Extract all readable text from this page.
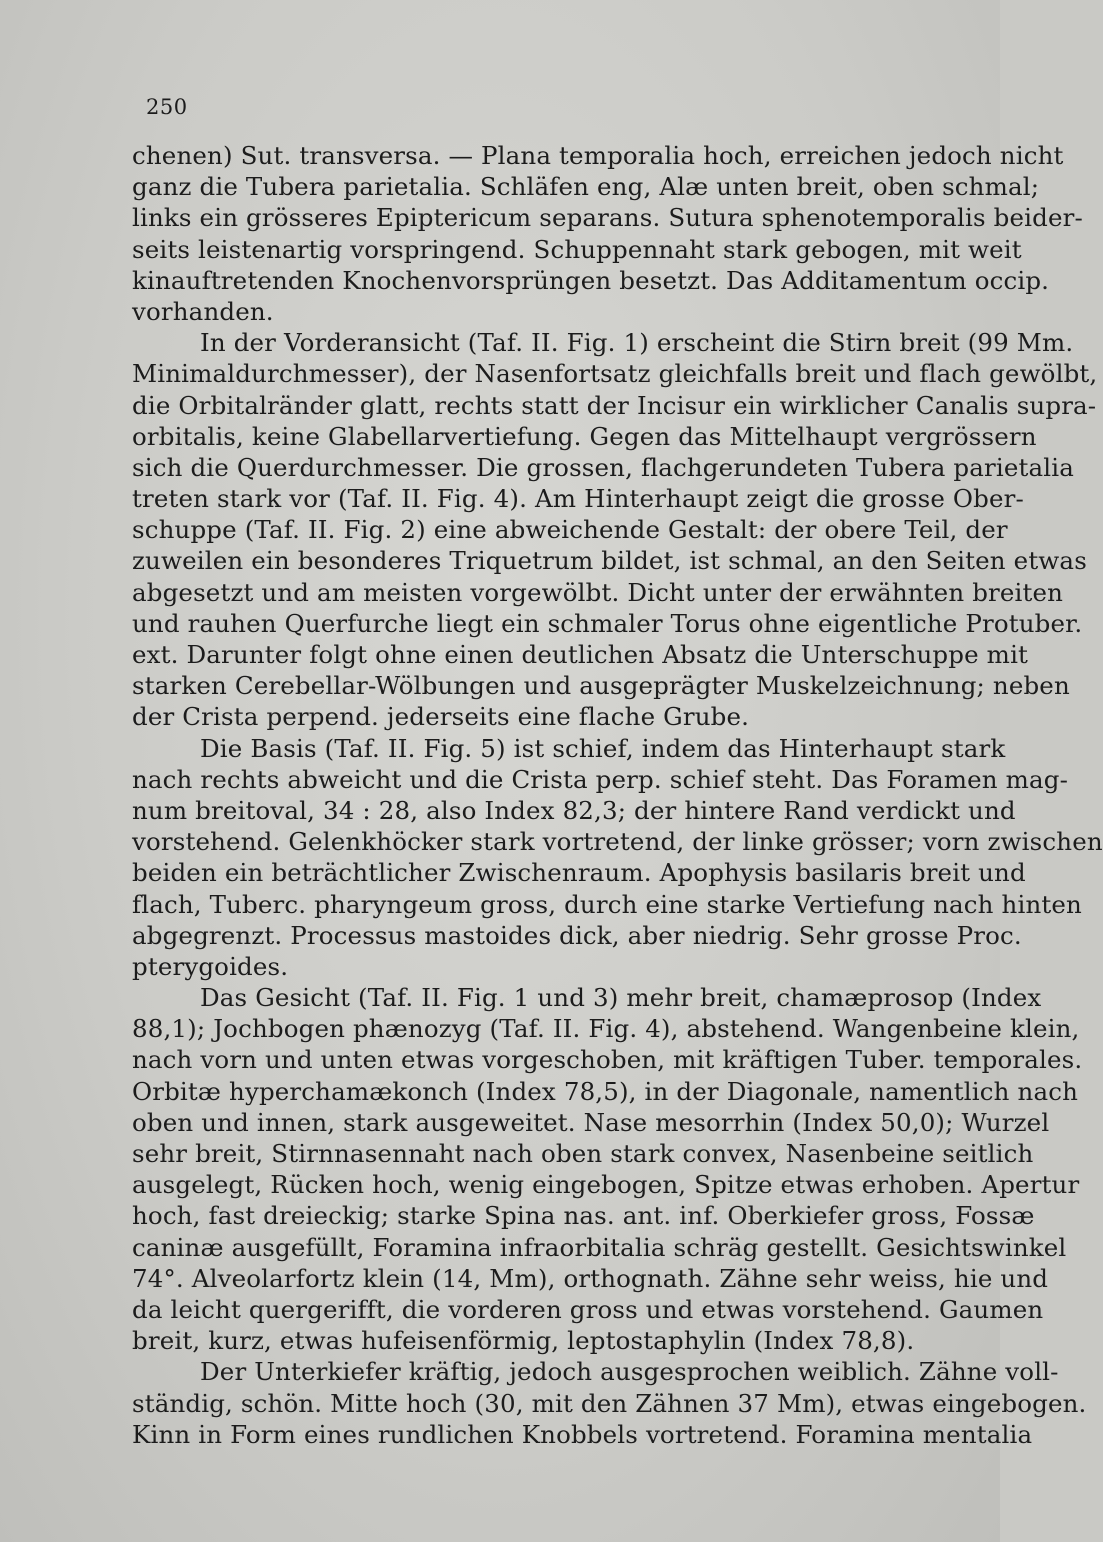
250
chenen) Sut. transversa. — Plana temporalia hoch, erreichen jedoch nicht
ganz die Tubera parietalia. Schläfen eng, Alæ unten breit, oben schmal;
links ein grösseres Epiptericum separans. Sutura sphenotemporalis beider-
seits leistenartig vorspringend. Schuppennaht stark gebogen, mit weit
kinauftretenden Knochenvorsprüngen besetzt. Das Additamentum occip.
vorhanden.
In der Vorderansicht (Taf. II. Fig. 1) erscheint die Stirn breit (99 Mm.
Minimaldurchmesser), der Nasenfortsatz gleichfalls breit und flach gewölbt,
die Orbitalränder glatt, rechts statt der Incisur ein wirklicher Canalis supra-
orbitalis, keine Glabellarvertiefung. Gegen das Mittelhaupt vergrössern
sich die Querdurchmesser. Die grossen, flachgerundeten Tubera parietalia
treten stark vor (Taf. II. Fig. 4). Am Hinterhaupt zeigt die grosse Ober-
schuppe (Taf. II. Fig. 2) eine abweichende Gestalt: der obere Teil, der
zuweilen ein besonderes Triquetrum bildet, ist schmal, an den Seiten etwas
abgesetzt und am meisten vorgewölbt. Dicht unter der erwähnten breiten
und rauhen Querfurche liegt ein schmaler Torus ohne eigentliche Protuber.
ext. Darunter folgt ohne einen deutlichen Absatz die Unterschuppe mit
starken Cerebellar-Wölbungen und ausgeprägter Muskelzeichnung; neben
der Crista perpend. jederseits eine flache Grube.
Die Basis (Taf. II. Fig. 5) ist schief, indem das Hinterhaupt stark
nach rechts abweicht und die Crista perp. schief steht. Das Foramen mag-
num breitoval, 34 : 28, also Index 82,3; der hintere Rand verdickt und
vorstehend. Gelenkhöcker stark vortretend, der linke grösser; vorn zwischen
beiden ein beträchtlicher Zwischenraum. Apophysis basilaris breit und
flach, Tuberc. pharyngeum gross, durch eine starke Vertiefung nach hinten
abgegrenzt. Processus mastoides dick, aber niedrig. Sehr grosse Proc.
pterygoides.
Das Gesicht (Taf. II. Fig. 1 und 3) mehr breit, chamæprosop (Index
88,1); Jochbogen phænozyg (Taf. II. Fig. 4), abstehend. Wangenbeine klein,
nach vorn und unten etwas vorgeschoben, mit kräftigen Tuber. temporales.
Orbitæ hyperchamækonch (Index 78,5), in der Diagonale, namentlich nach
oben und innen, stark ausgeweitet. Nase mesorrhin (Index 50,0); Wurzel
sehr breit, Stirnnasennaht nach oben stark convex, Nasenbeine seitlich
ausgelegt, Rücken hoch, wenig eingebogen, Spitze etwas erhoben. Apertur
hoch, fast dreieckig; starke Spina nas. ant. inf. Oberkiefer gross, Fossæ
caninæ ausgefüllt, Foramina infraorbitalia schräg gestellt. Gesichtswinkel
74°. Alveolarfortz klein (14, Mm), orthognath. Zähne sehr weiss, hie und
da leicht quergerifft, die vorderen gross und etwas vorstehend. Gaumen
breit, kurz, etwas hufeisenförmig, leptostaphylin (Index 78,8).
Der Unterkiefer kräftig, jedoch ausgesprochen weiblich. Zähne voll-
ständig, schön. Mitte hoch (30, mit den Zähnen 37 Mm), etwas eingebogen.
Kinn in Form eines rundlichen Knobbels vortretend. Foramina mentalia
